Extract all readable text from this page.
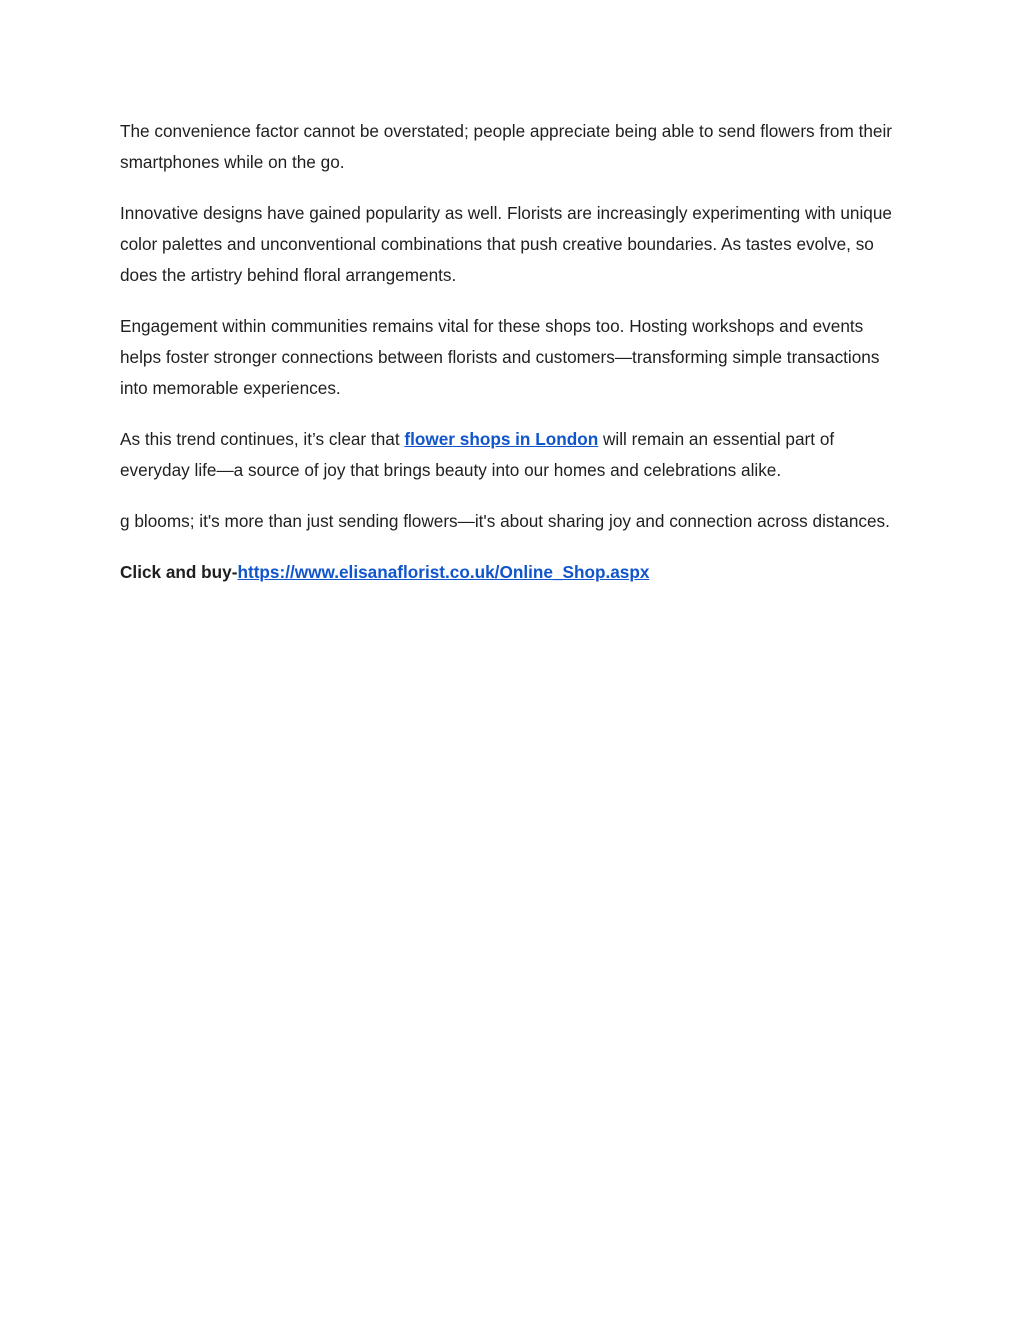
The convenience factor cannot be overstated; people appreciate being able to send flowers from their smartphones while on the go.

Innovative designs have gained popularity as well. Florists are increasingly experimenting with unique color palettes and unconventional combinations that push creative boundaries. As tastes evolve, so does the artistry behind floral arrangements.

Engagement within communities remains vital for these shops too. Hosting workshops and events helps foster stronger connections between florists and customers—transforming simple transactions into memorable experiences.

As this trend continues, it’s clear that flower shops in London will remain an essential part of everyday life—a source of joy that brings beauty into our homes and celebrations alike.

g blooms; it's more than just sending flowers—it's about sharing joy and connection across distances.

Click and buy-https://www.elisanaflorist.co.uk/Online_Shop.aspx
